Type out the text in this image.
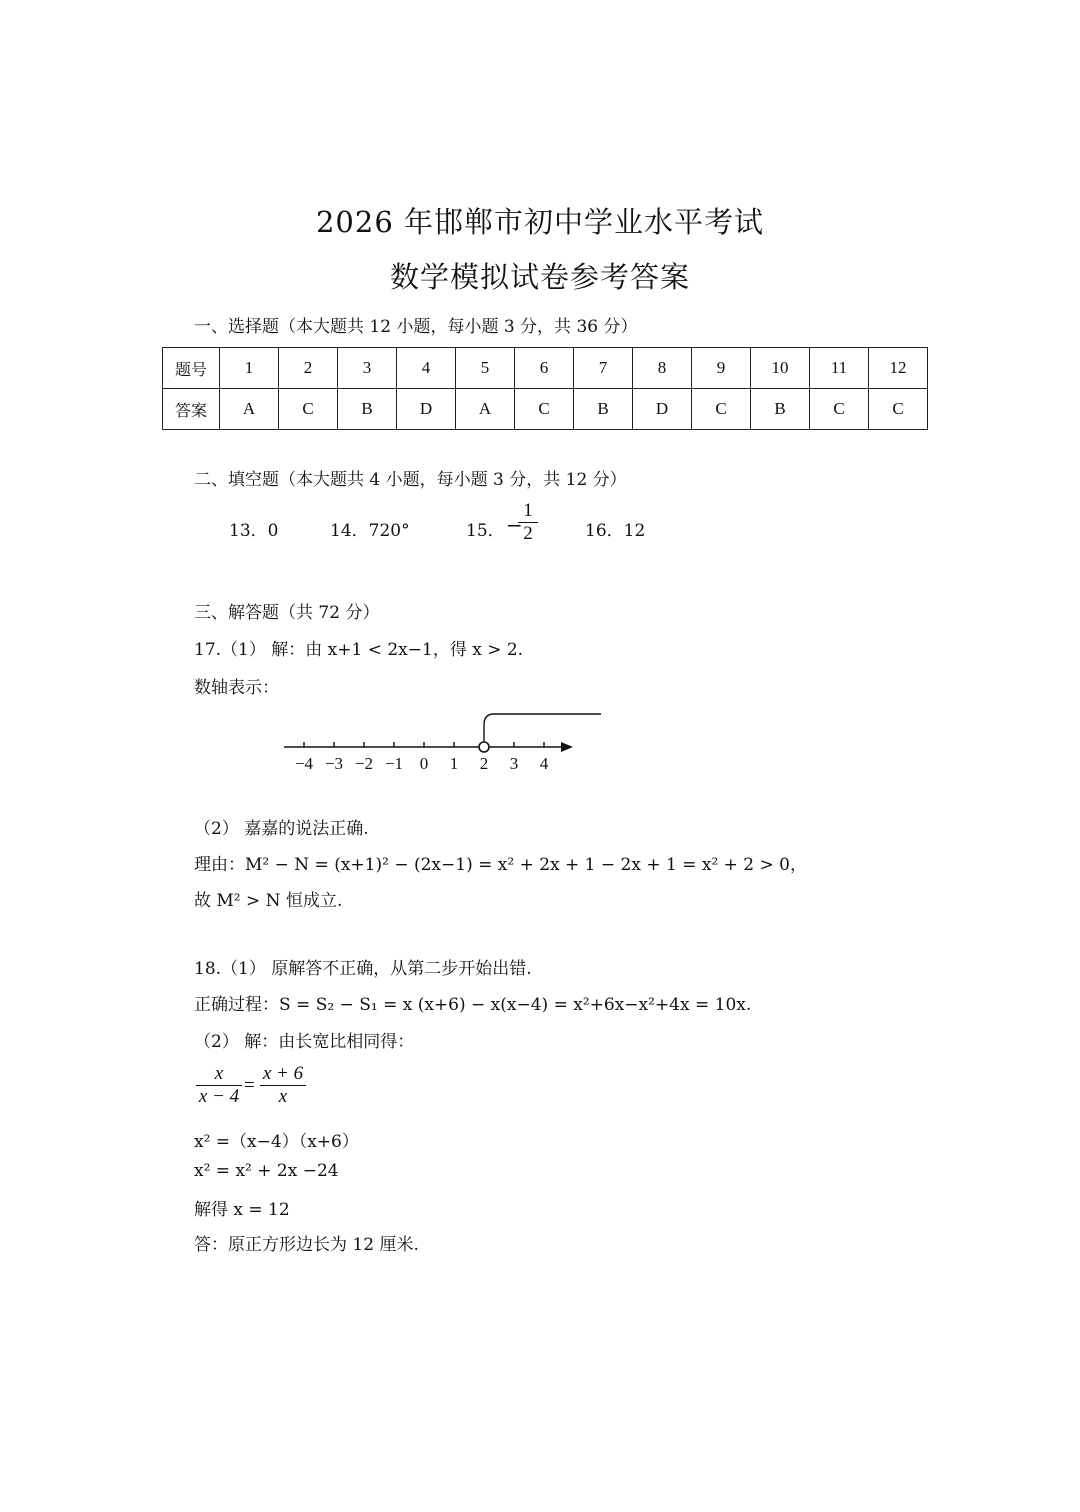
2026 年邯郸市初中学业水平考试
数学模拟试卷参考答案
一、选择题（本大题共 12 小题，每小题 3 分，共 36 分）
题号	1	2	3	4	5	6	7	8	9	10	11	12
答案	A	C	B	D	A	C	B	D	C	B	C	C
二、填空题（本大题共 4 小题，每小题 3 分，共 12 分）
13．0	14．720°	15． −
$\frac{1}{2}$	16．12
三、解答题（共 72 分）
17.（1） 解：由 x+1 < 2x−1，得 x > 2.
数轴表示：
−4 −3 −2 −1 0 1 2 3 4
（2） 嘉嘉的说法正确.
理由：M² − N = (x+1)² − (2x−1) = x² + 2x + 1 − 2x + 1 = x² + 2 > 0，
故 M² > N 恒成立.
18.（1） 原解答不正确，从第二步开始出错.
正确过程：S = S₂ − S₁ = x (x+6) − x(x−4) = x²+6x−x²+4x = 10x.
（2） 解：由长宽比相同得：
$\frac{x}{x - 4} = \frac{x + 6}{x}$
x² =（x−4）（x+6）
x² = x² + 2x −24
解得 x = 12
答：原正方形边长为 12 厘米.
